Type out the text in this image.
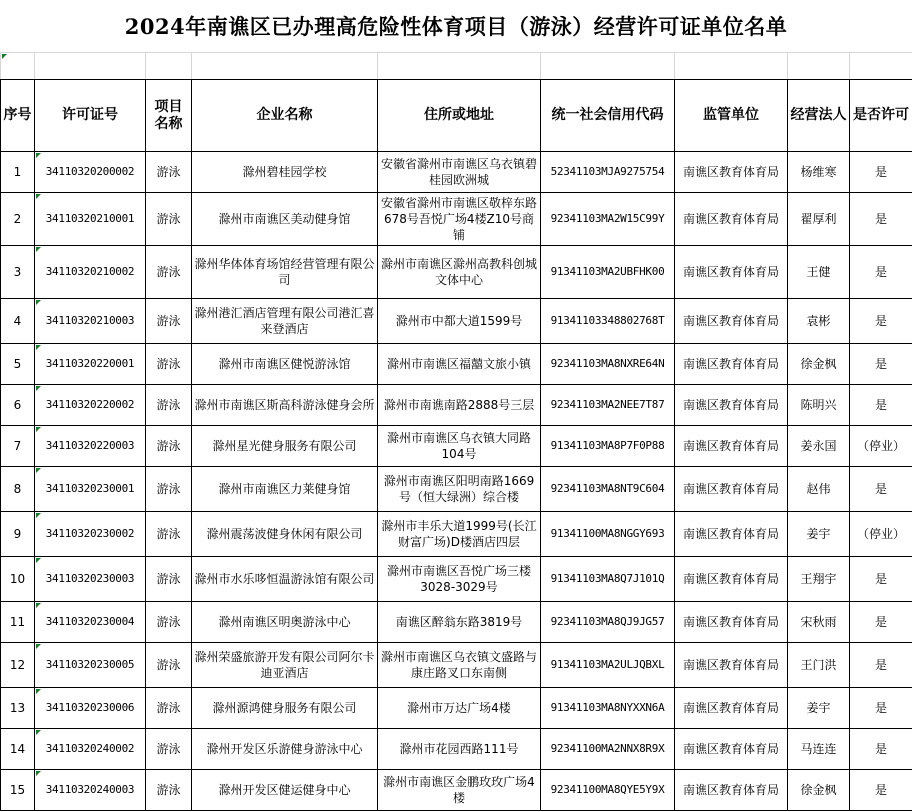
2024年南谯区已办理高危险性体育项目（游泳）经营许可证单位名单

序号	许可证号	项目名称	企业名称	住所或地址	统一社会信用代码	监管单位	经营法人	是否许可
1	34110320200002	游泳	滁州碧桂园学校	安徽省滁州市南谯区乌衣镇碧桂园欧洲城	52341103MJA9275754	南谯区教育体育局	杨维寒	是
2	34110320210001	游泳	滁州市南谯区美动健身馆	安徽省滁州市南谯区敬梓东路678号吾悦广场4楼Z10号商铺	92341103MA2W15C99Y	南谯区教育体育局	翟厚利	是
3	34110320210002	游泳	滁州华体体育场馆经营管理有限公司	滁州市南谯区滁州高教科创城文体中心	91341103MA2UBFHK00	南谯区教育体育局	王健	是
4	34110320210003	游泳	滁州港汇酒店管理有限公司港汇喜来登酒店	滁州市中都大道1599号	91341103348802768T	南谯区教育体育局	袁彬	是
5	34110320220001	游泳	滁州市南谯区健悦游泳馆	滁州市南谯区福囍文旅小镇	92341103MA8NXRE64N	南谯区教育体育局	徐金枫	是
6	34110320220002	游泳	滁州市南谯区斯高科游泳健身会所	滁州市南谯南路2888号三层	92341103MA2NEE7T87	南谯区教育体育局	陈明兴	是
7	34110320220003	游泳	滁州星光健身服务有限公司	滁州市南谯区乌衣镇大同路104号	91341103MA8P7F0P88	南谯区教育体育局	姜永国	（停业）
8	34110320230001	游泳	滁州市南谯区力莱健身馆	滁州市南谯区阳明南路1669号（恒大绿洲）综合楼	92341103MA8NT9C604	南谯区教育体育局	赵伟	是
9	34110320230002	游泳	滁州震荡波健身休闲有限公司	滁州市丰乐大道1999号(长江财富广场)D楼酒店四层	91341100MA8NGGY693	南谯区教育体育局	姜宇	（停业）
10	34110320230003	游泳	滁州市水乐哆恒温游泳馆有限公司	滁州市南谯区吾悦广场三楼3028-3029号	91341103MA8Q7J101Q	南谯区教育体育局	王翔宇	是
11	34110320230004	游泳	滁州南谯区明奥游泳中心	南谯区醉翁东路3819号	92341103MA8QJ9JG57	南谯区教育体育局	宋秋雨	是
12	34110320230005	游泳	滁州荣盛旅游开发有限公司阿尔卡迪亚酒店	滁州市南谯区乌衣镇文盛路与康庄路叉口东南侧	91341103MA2ULJQBXL	南谯区教育体育局	王门洪	是
13	34110320230006	游泳	滁州源鸿健身服务有限公司	滁州市万达广场4楼	91341103MA8NYXXN6A	南谯区教育体育局	姜宇	是
14	34110320240002	游泳	滁州开发区乐游健身游泳中心	滁州市花园西路111号	92341100MA2NNX8R9X	南谯区教育体育局	马连连	是
15	34110320240003	游泳	滁州开发区健运健身中心	滁州市南谯区金鹏玫玫广场4楼	92341100MA8QYE5Y9X	南谯区教育体育局	徐金枫	是
